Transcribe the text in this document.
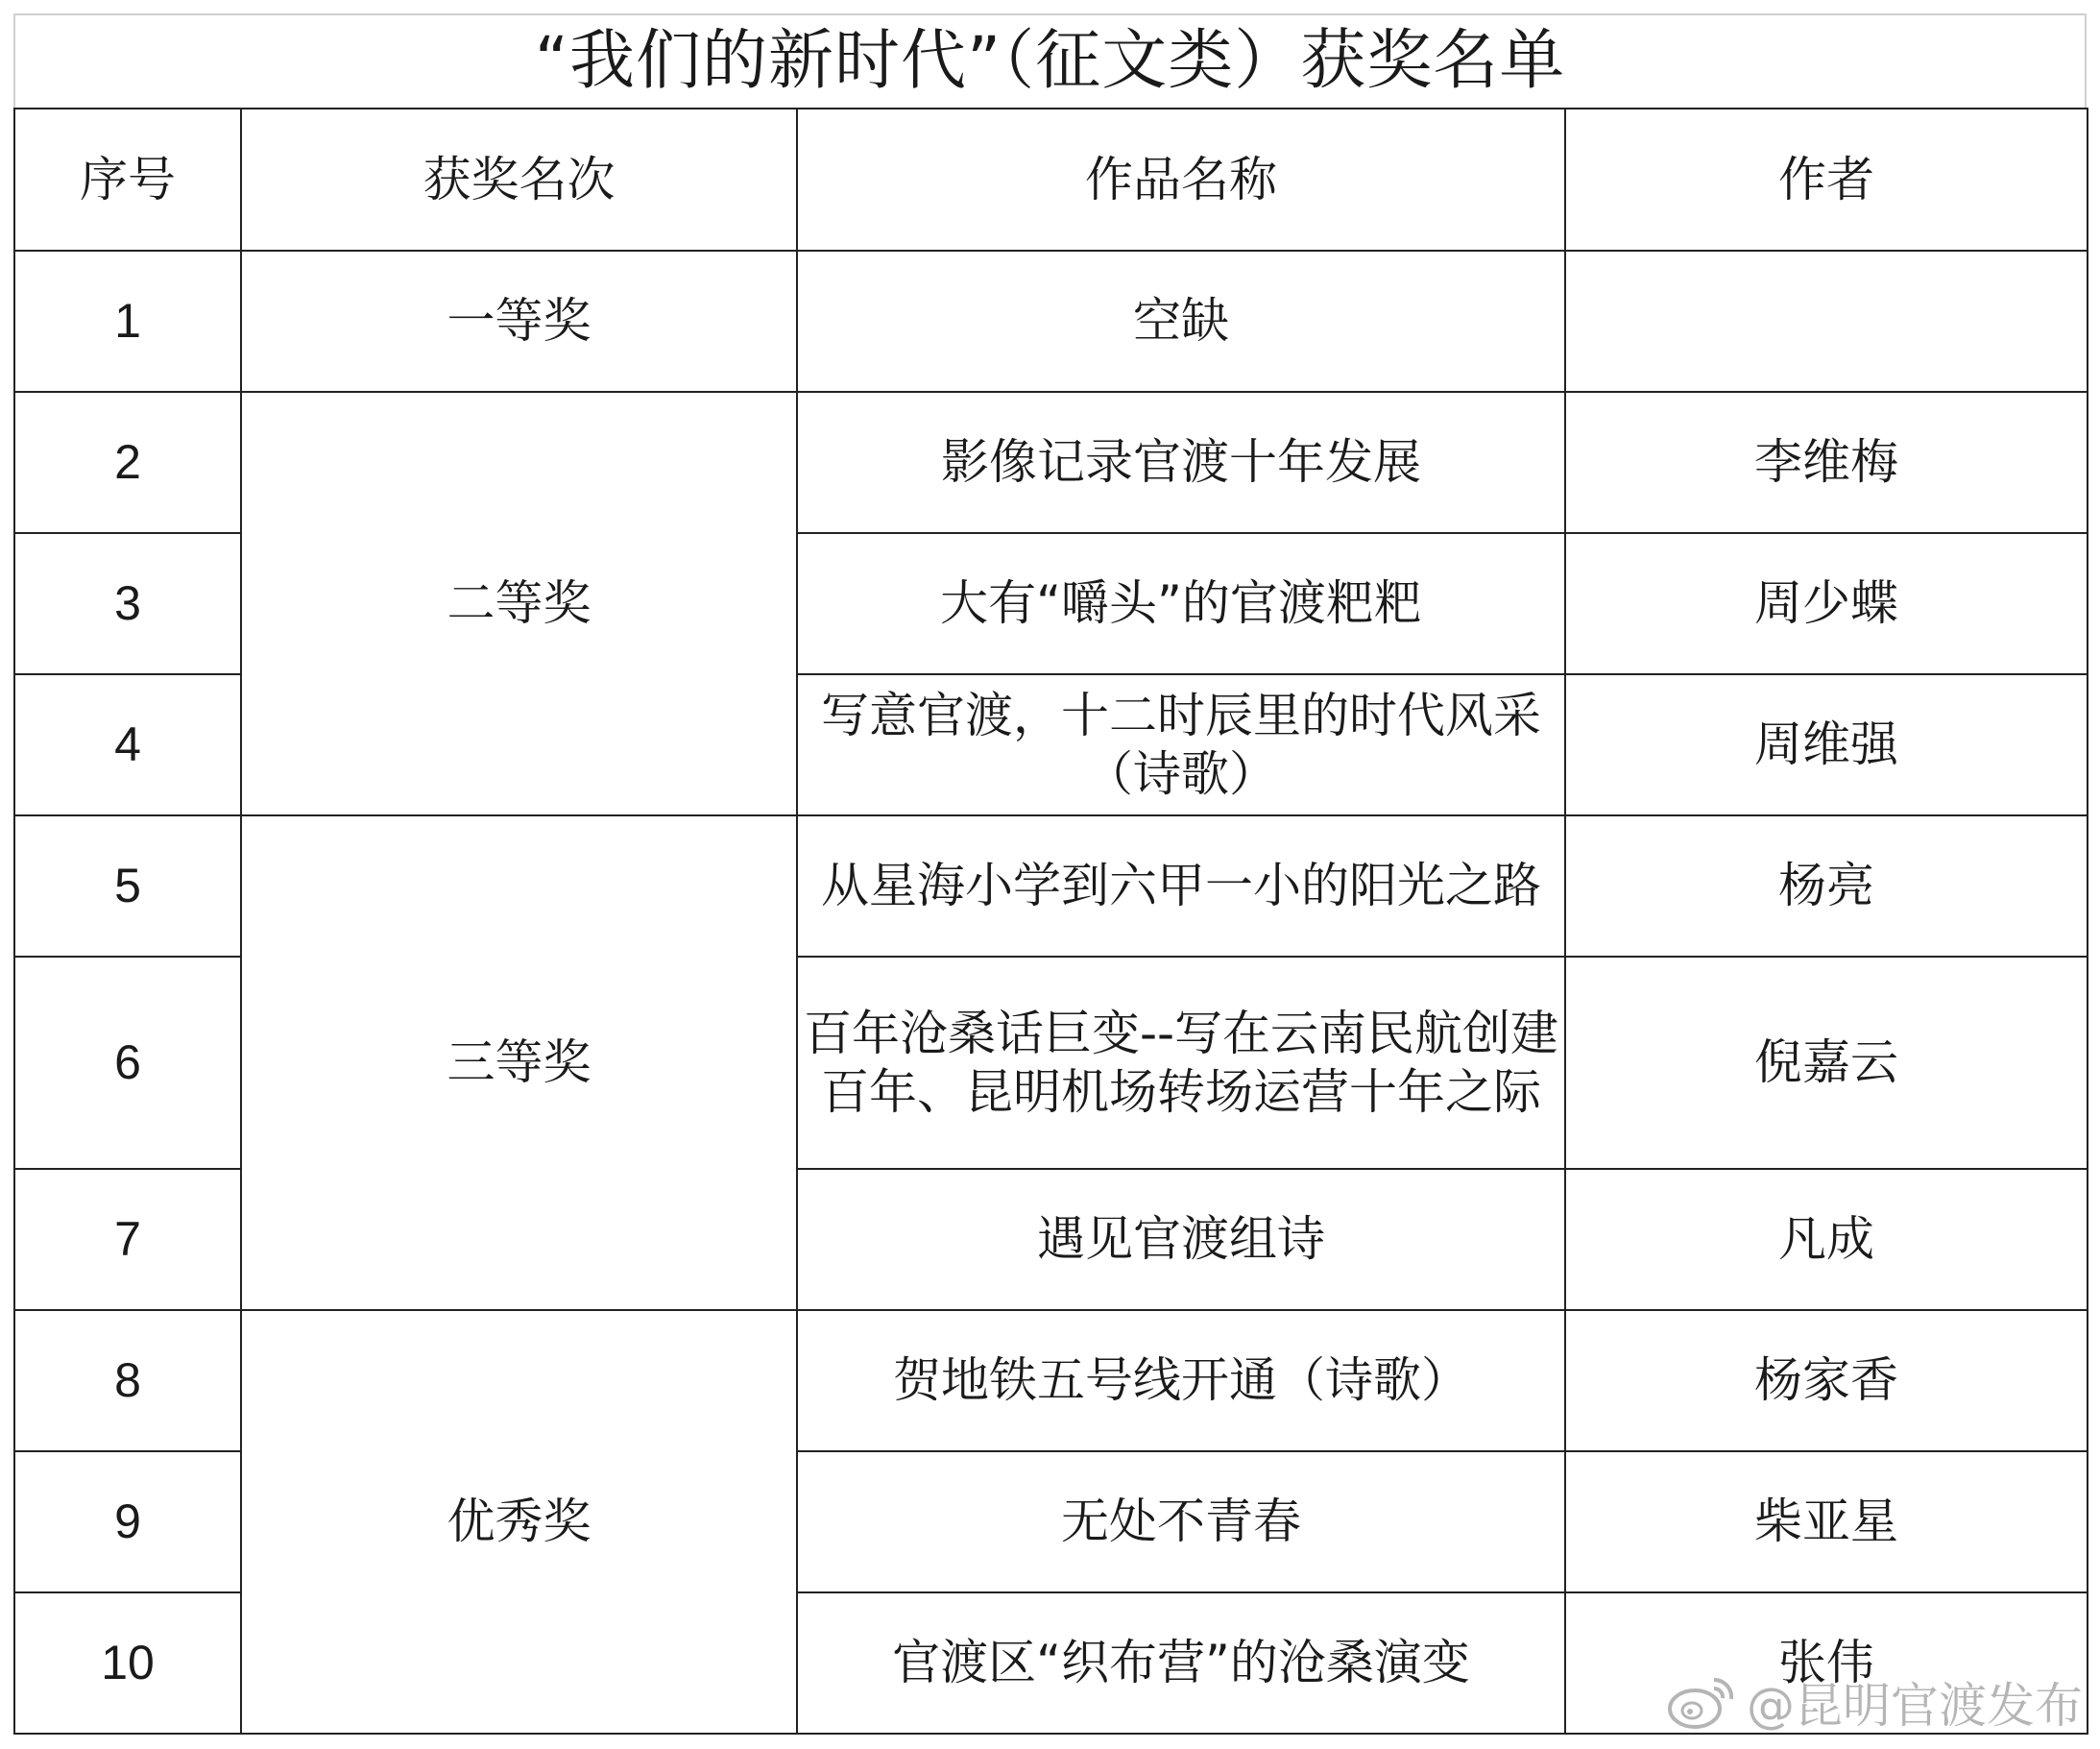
“我们的新时代”（征文类）获奖名单
序号	获奖名次	作品名称	作者
1	一等奖	空缺	
2	二等奖	影像记录官渡十年发展	李维梅
3		大有“嚼头”的官渡粑粑	周少蝶
4		写意官渡，十二时辰里的时代风采（诗歌）	周维强
5	三等奖	从星海小学到六甲一小的阳光之路	杨亮
6		百年沧桑话巨变--写在云南民航创建百年、昆明机场转场运营十年之际	倪嘉云
7		遇见官渡组诗	凡成
8	优秀奖	贺地铁五号线开通（诗歌）	杨家香
9		无处不青春	柴亚星
10		官渡区“织布营”的沧桑演变	张伟
@昆明官渡发布
